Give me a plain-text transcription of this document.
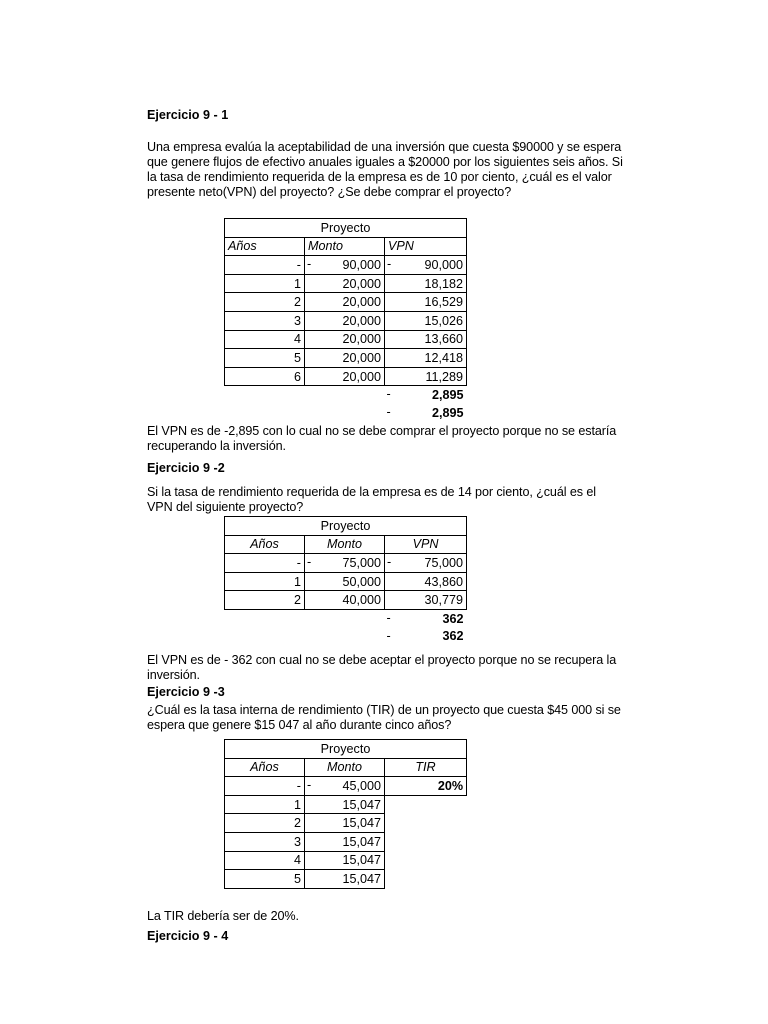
Ejercicio 9 - 1
Una empresa evalúa la aceptabilidad de una inversión que cuesta $90000 y se espera
que genere flujos de efectivo anuales iguales a $20000 por los siguientes seis años. Si
la tasa de rendimiento requerida de la empresa es de 10 por ciento, ¿cuál es el valor
presente neto(VPN) del proyecto? ¿Se debe comprar el proyecto?
Proyecto		
Años	Monto	VPN
-	- 90,000	- 90,000

1	20,000	18,182
2	20,000	16,529
3	20,000	15,026
4	20,000	13,660
5	20,000	12,418
6	20,000	11,289

		- 2,895

		- 2,895
El VPN es de -2,895 con lo cual no se debe comprar el proyecto porque no se estaría
recuperando la inversión.
Ejercicio 9 -2
Si la tasa de rendimiento requerida de la empresa es de 14 por ciento, ¿cuál es el
VPN del siguiente proyecto?
Proyecto		
Años	Monto	VPN
-	- 75,000	- 75,000

1	50,000	43,860
2	40,000	30,779

		- 362

		- 362
El VPN es de - 362 con cual no se debe aceptar el proyecto porque no se recupera la
inversión.
Ejercicio 9 -3
¿Cuál es la tasa interna de rendimiento (TIR) de un proyecto que cuesta $45 000 si se
espera que genere $15 047 al año durante cinco años?
Proyecto		
Años	Monto	TIR
-	- 45,000	20%
1	15,047	
2	15,047	
3	15,047	
4	15,047	
5	15,047	
La TIR debería ser de 20%.
Ejercicio 9 - 4
